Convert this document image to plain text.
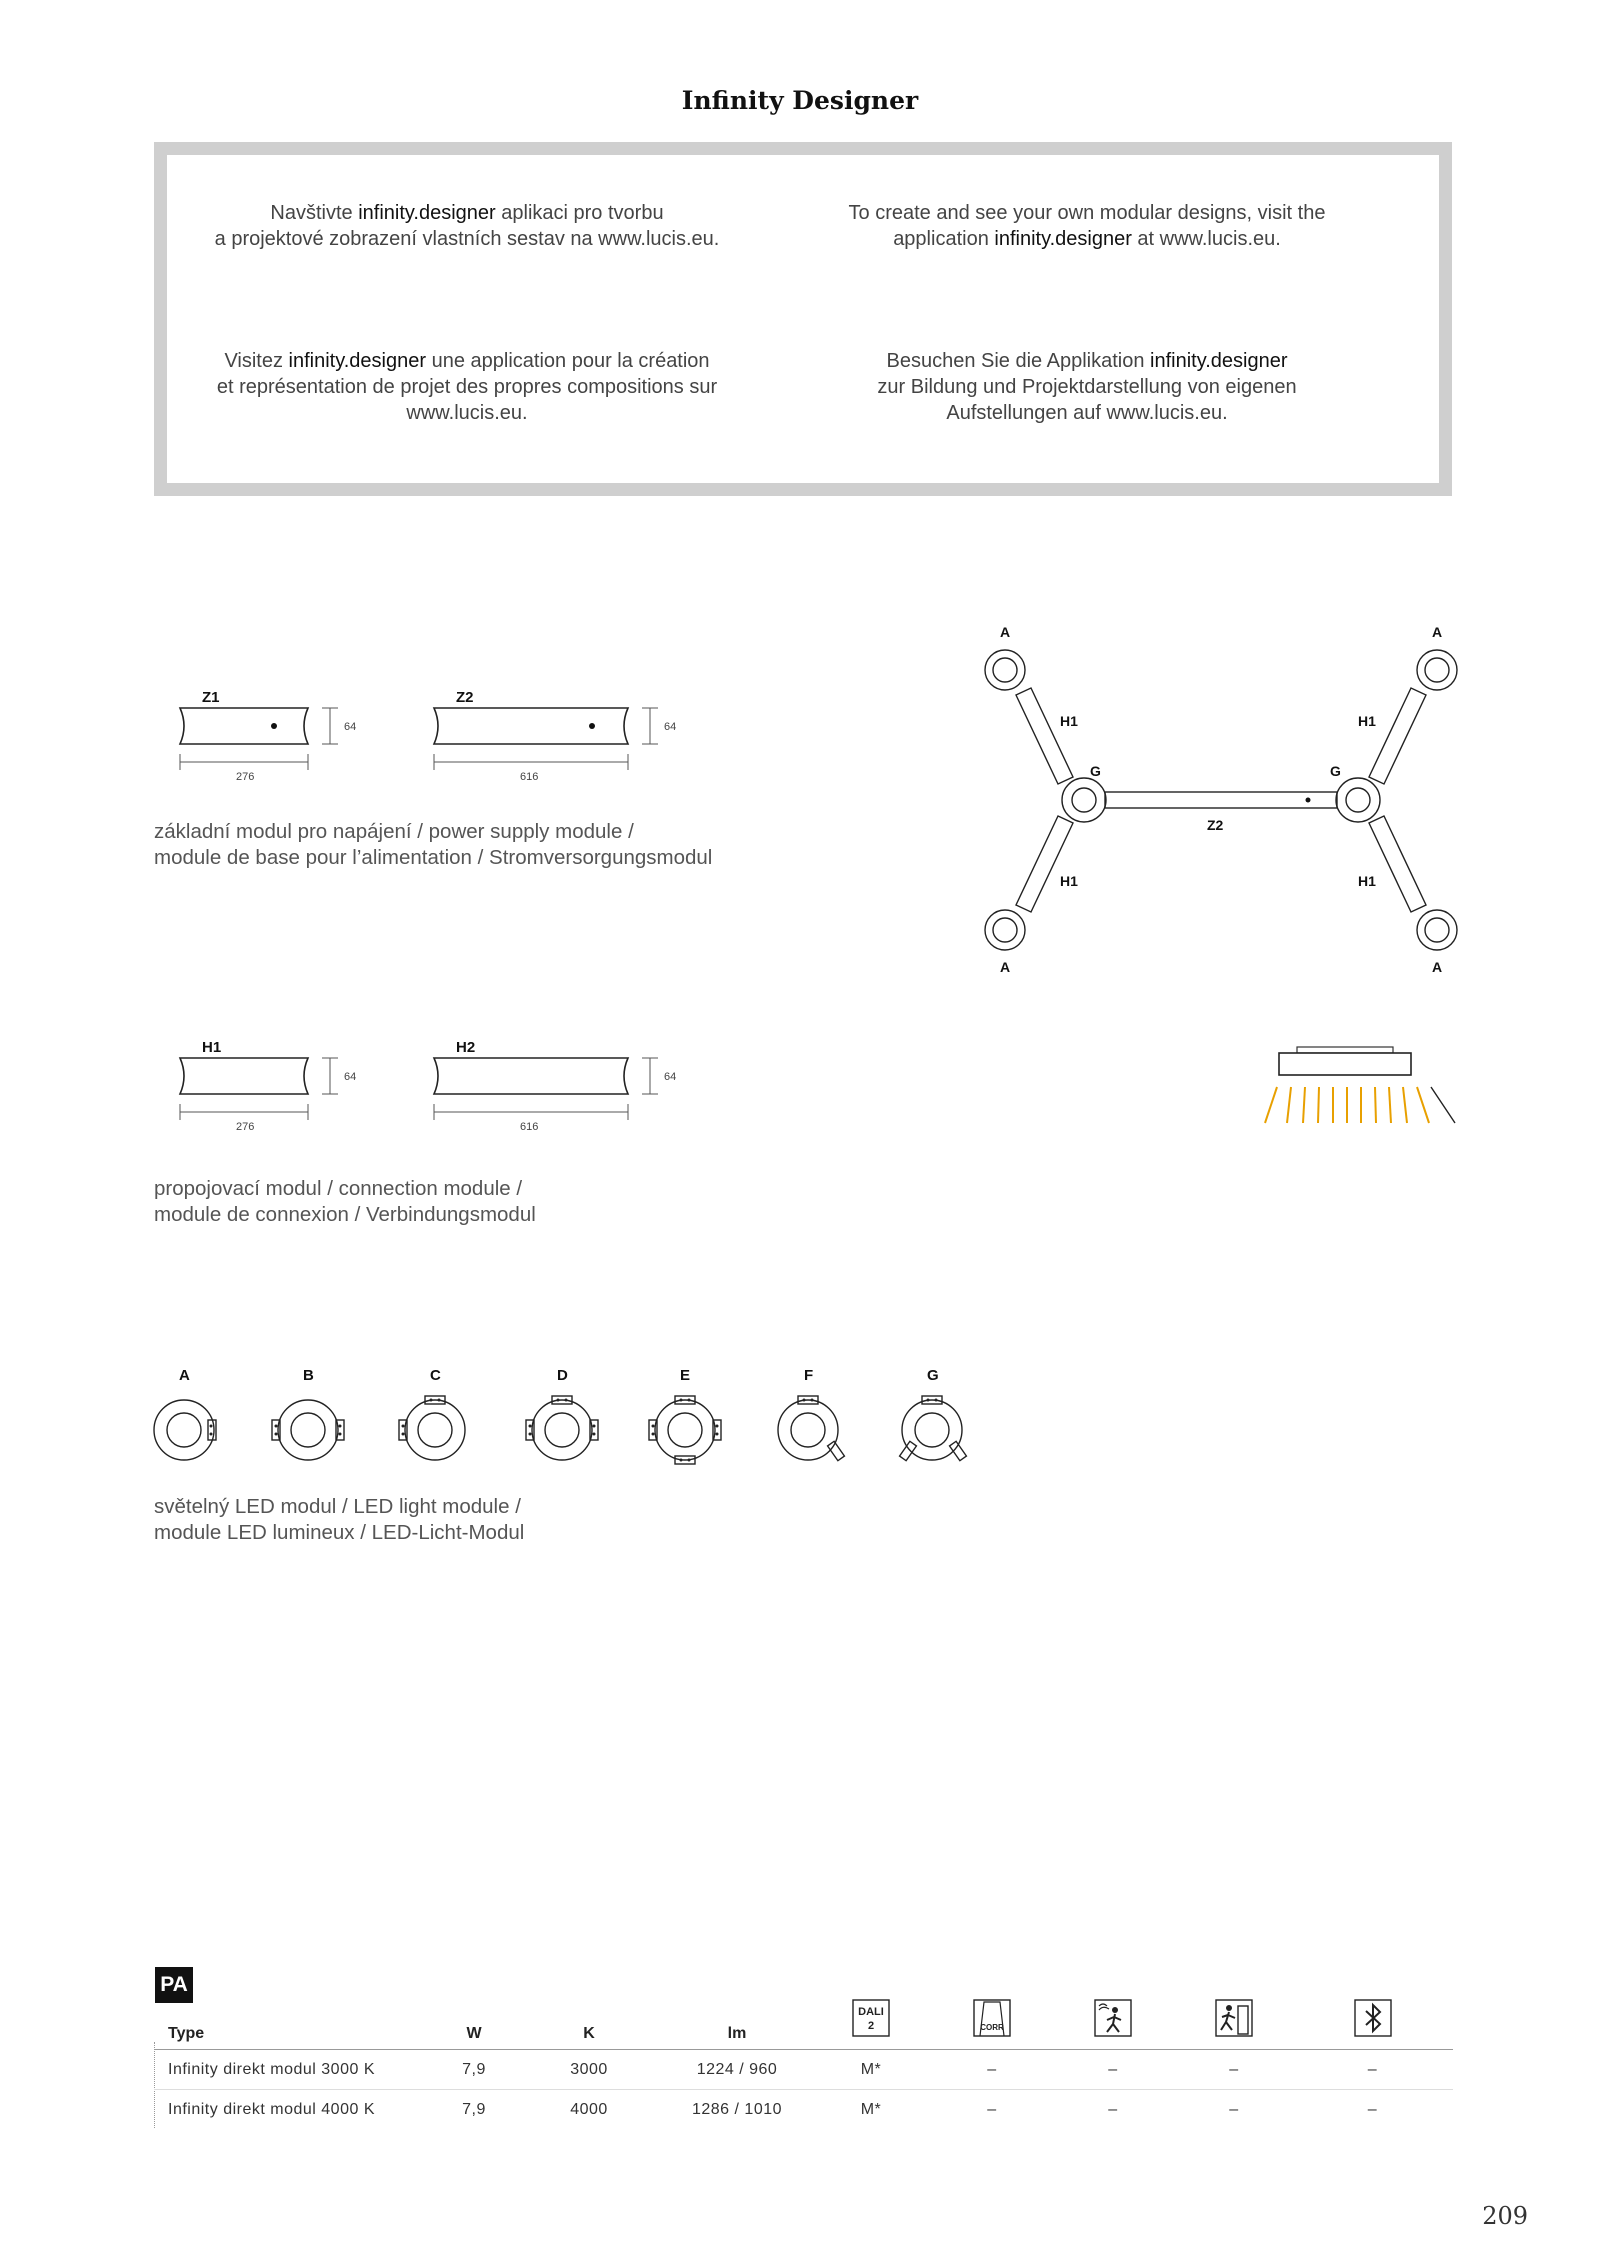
Infinity Designer
Navštivte infinity.designer aplikaci pro tvorbu
a projektové zobrazení vlastních sestav na www.lucis.eu.
To create and see your own modular designs, visit the
application infinity.designer at www.lucis.eu.
Visitez infinity.designer une application pour la création
et représentation de projet des propres compositions sur
www.lucis.eu.
Besuchen Sie die Applikation infinity.designer
zur Bildung und Projektdarstellung von eigenen
Aufstellungen auf www.lucis.eu.
Z1	Z2
276	616
64	64
základní modul pro napájení / power supply module /
module de base pour l’alimentation / Stromversorgungsmodul
H1	H2
276	616
64	64
propojovací modul / connection module /
module de connexion / Verbindungsmodul
A	A
A	A
H1	H1
H1	H1
G	G
Z2
A	B	C	D	E	F	G
světelný LED modul / LED light module /
module LED lumineux / LED-Licht-Modul
PA
Type	W	K	lm	DALI
2	CORR

Infinity direkt modul 3000 K	7,9	3000	1224 / 960	M*	–	–	–	–
Infinity direkt modul 4000 K	7,9	4000	1286 / 1010	M*	–	–	–	–
209
